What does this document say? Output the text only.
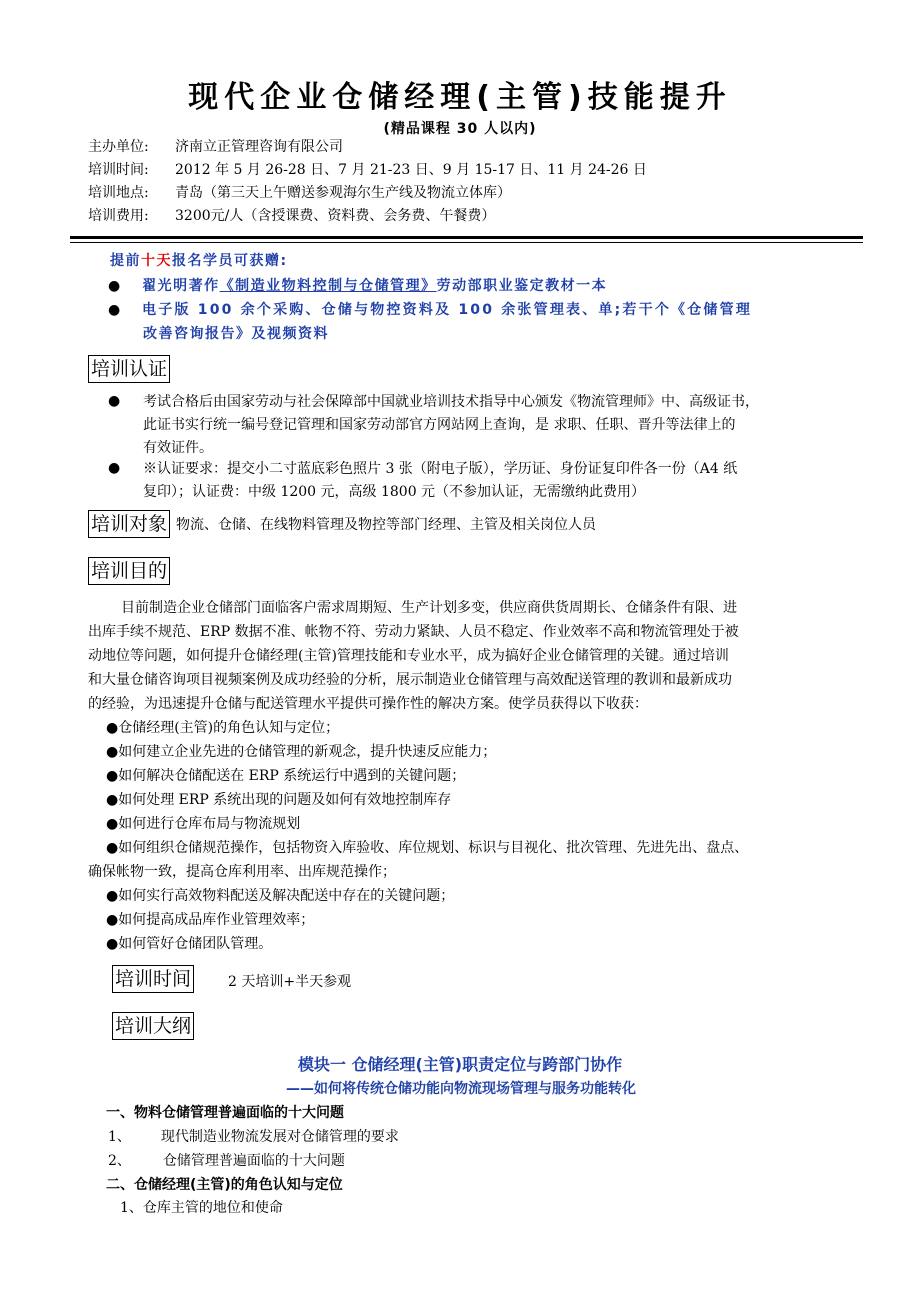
现代企业仓储经理(主管)技能提升
(精品课程 30 人以内)
主办单位: 济南立正管理咨询有限公司
培训时间: 2012 年 5 月 26-28 日、7 月 21-23 日、9 月 15-17 日、11 月 24-26 日
培训地点: 青岛（第三天上午赠送参观海尔生产线及物流立体库）
培训费用: 3200元/人（含授课费、资料费、会务费、午餐费）
提前十天报名学员可获赠:
● 翟光明著作《制造业物料控制与仓储管理》劳动部职业鉴定教材一本
● 电子版 100 余个采购、仓储与物控资料及 100 余张管理表、单;若干个《仓储管理
改善咨询报告》及视频资料
培训认证
● 考试合格后由国家劳动与社会保障部中国就业培训技术指导中心颁发《物流管理师》中、高级证书，
此证书实行统一编号登记管理和国家劳动部官方网站网上查询，是 求职、任职、晋升等法律上的
有效证件。
● ※认证要求：提交小二寸蓝底彩色照片 3 张（附电子版），学历证、身份证复印件各一份（A4 纸
复印）；认证费：中级 1200 元，高级 1800 元（不参加认证，无需缴纳此费用）
培训对象 物流、仓储、在线物料管理及物控等部门经理、主管及相关岗位人员
培训目的
目前制造企业仓储部门面临客户需求周期短、生产计划多变，供应商供货周期长、仓储条件有限、进
出库手续不规范、ERP 数据不准、帐物不符、劳动力紧缺、人员不稳定、作业效率不高和物流管理处于被
动地位等问题，如何提升仓储经理(主管)管理技能和专业水平，成为搞好企业仓储管理的关键。通过培训
和大量仓储咨询项目视频案例及成功经验的分析，展示制造业仓储管理与高效配送管理的教训和最新成功
的经验，为迅速提升仓储与配送管理水平提供可操作性的解决方案。使学员获得以下收获：
●仓储经理(主管)的角色认知与定位；
●如何建立企业先进的仓储管理的新观念，提升快速反应能力；
●如何解决仓储配送在 ERP 系统运行中遇到的关键问题；
●如何处理 ERP 系统出现的问题及如何有效地控制库存
●如何进行仓库布局与物流规划
●如何组织仓储规范操作，包括物资入库验收、库位规划、标识与目视化、批次管理、先进先出、盘点、
确保帐物一致，提高仓库利用率、出库规范操作；
●如何实行高效物料配送及解决配送中存在的关键问题；
●如何提高成品库作业管理效率；
●如何管好仓储团队管理。
培训时间	2 天培训+半天参观
培训大纲
模块一 仓储经理(主管)职责定位与跨部门协作
——如何将传统仓储功能向物流现场管理与服务功能转化
一、物料仓储管理普遍面临的十大问题
1、 现代制造业物流发展对仓储管理的要求
2、 仓储管理普遍面临的十大问题
二、仓储经理(主管)的角色认知与定位
1、仓库主管的地位和使命
